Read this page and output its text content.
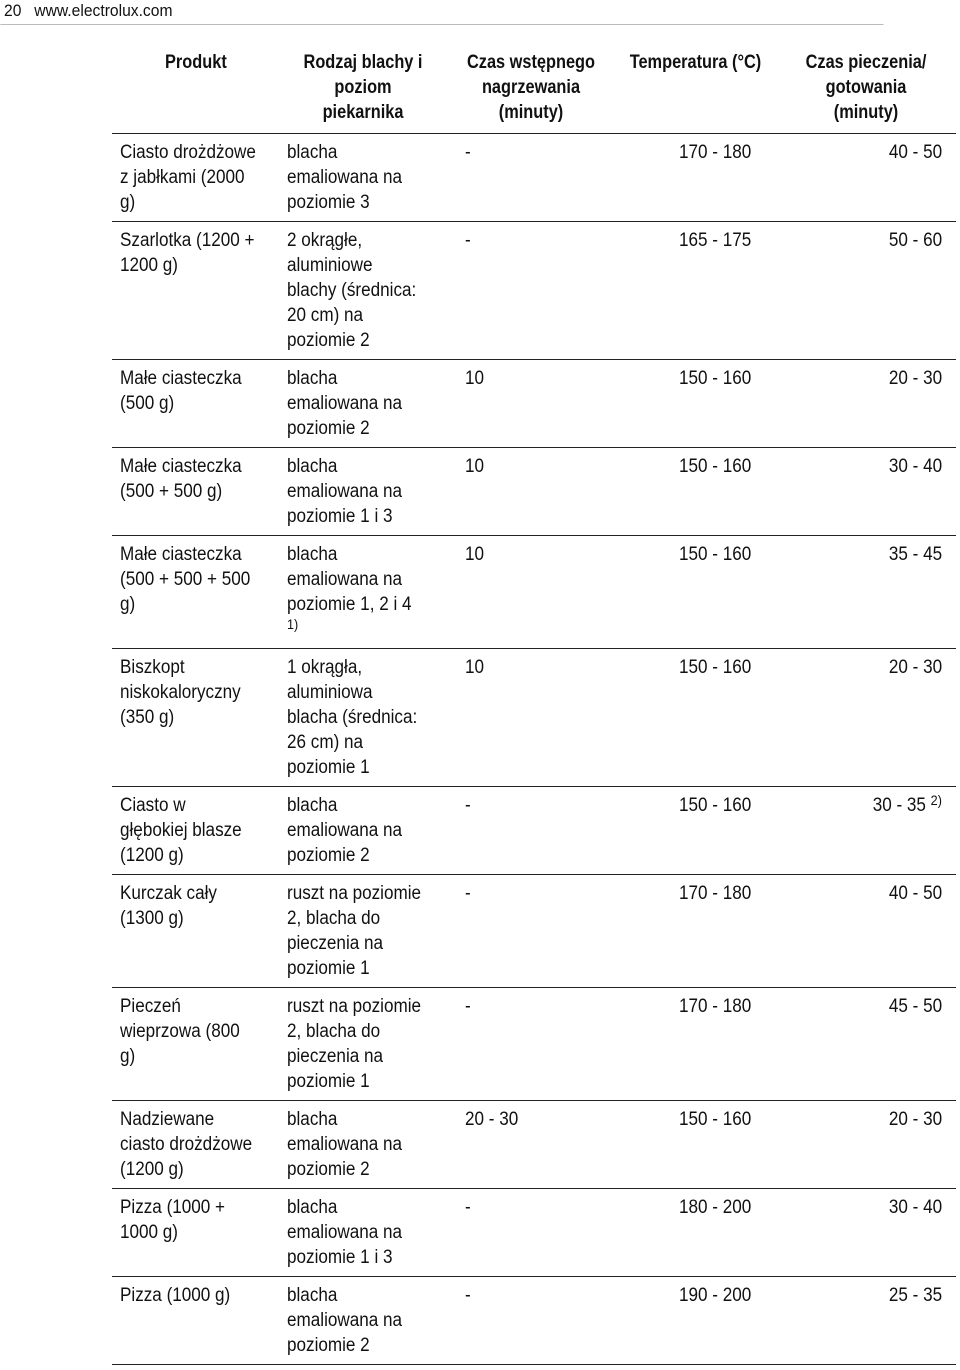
20 www.electrolux.com
Produkt	Rodzaj blachy i poziom piekarnika	Czas wstępnego nagrzewania (minuty)	Temperatura (°C)	Czas pieczenia/ gotowania (minuty)
Ciasto drożdżowe z jabłkami (2000 g)	blacha emaliowana na poziomie 3	-	170 - 180	40 - 50
Szarlotka (1200 + 1200 g)	2 okrągłe, aluminiowe blachy (średnica: 20 cm) na poziomie 2	-	165 - 175	50 - 60
Małe ciasteczka (500 g)	blacha emaliowana na poziomie 2	10	150 - 160	20 - 30
Małe ciasteczka (500 + 500 g)	blacha emaliowana na poziomie 1 i 3	10	150 - 160	30 - 40
Małe ciasteczka (500 + 500 + 500 g)	blacha emaliowana na poziomie 1, 2 i 4 $^{1)}$	10	150 - 160	35 - 45
Biszkopt niskokaloryczny (350 g)	1 okrągła, aluminiowa blacha (średnica: 26 cm) na poziomie 1	10	150 - 160	20 - 30
Ciasto w głębokiej blasze (1200 g)	blacha emaliowana na poziomie 2	-	150 - 160	30 - 35 $^{2)}$
Kurczak cały (1300 g)	ruszt na poziomie 2, blacha do pieczenia na poziomie 1	-	170 - 180	40 - 50
Pieczeń wieprzowa (800 g)	ruszt na poziomie 2, blacha do pieczenia na poziomie 1	-	170 - 180	45 - 50
Nadziewane ciasto drożdżowe (1200 g)	blacha emaliowana na poziomie 2	20 - 30	150 - 160	20 - 30
Pizza (1000 + 1000 g)	blacha emaliowana na poziomie 1 i 3	-	180 - 200	30 - 40
Pizza (1000 g)	blacha emaliowana na poziomie 2	-	190 - 200	25 - 35
